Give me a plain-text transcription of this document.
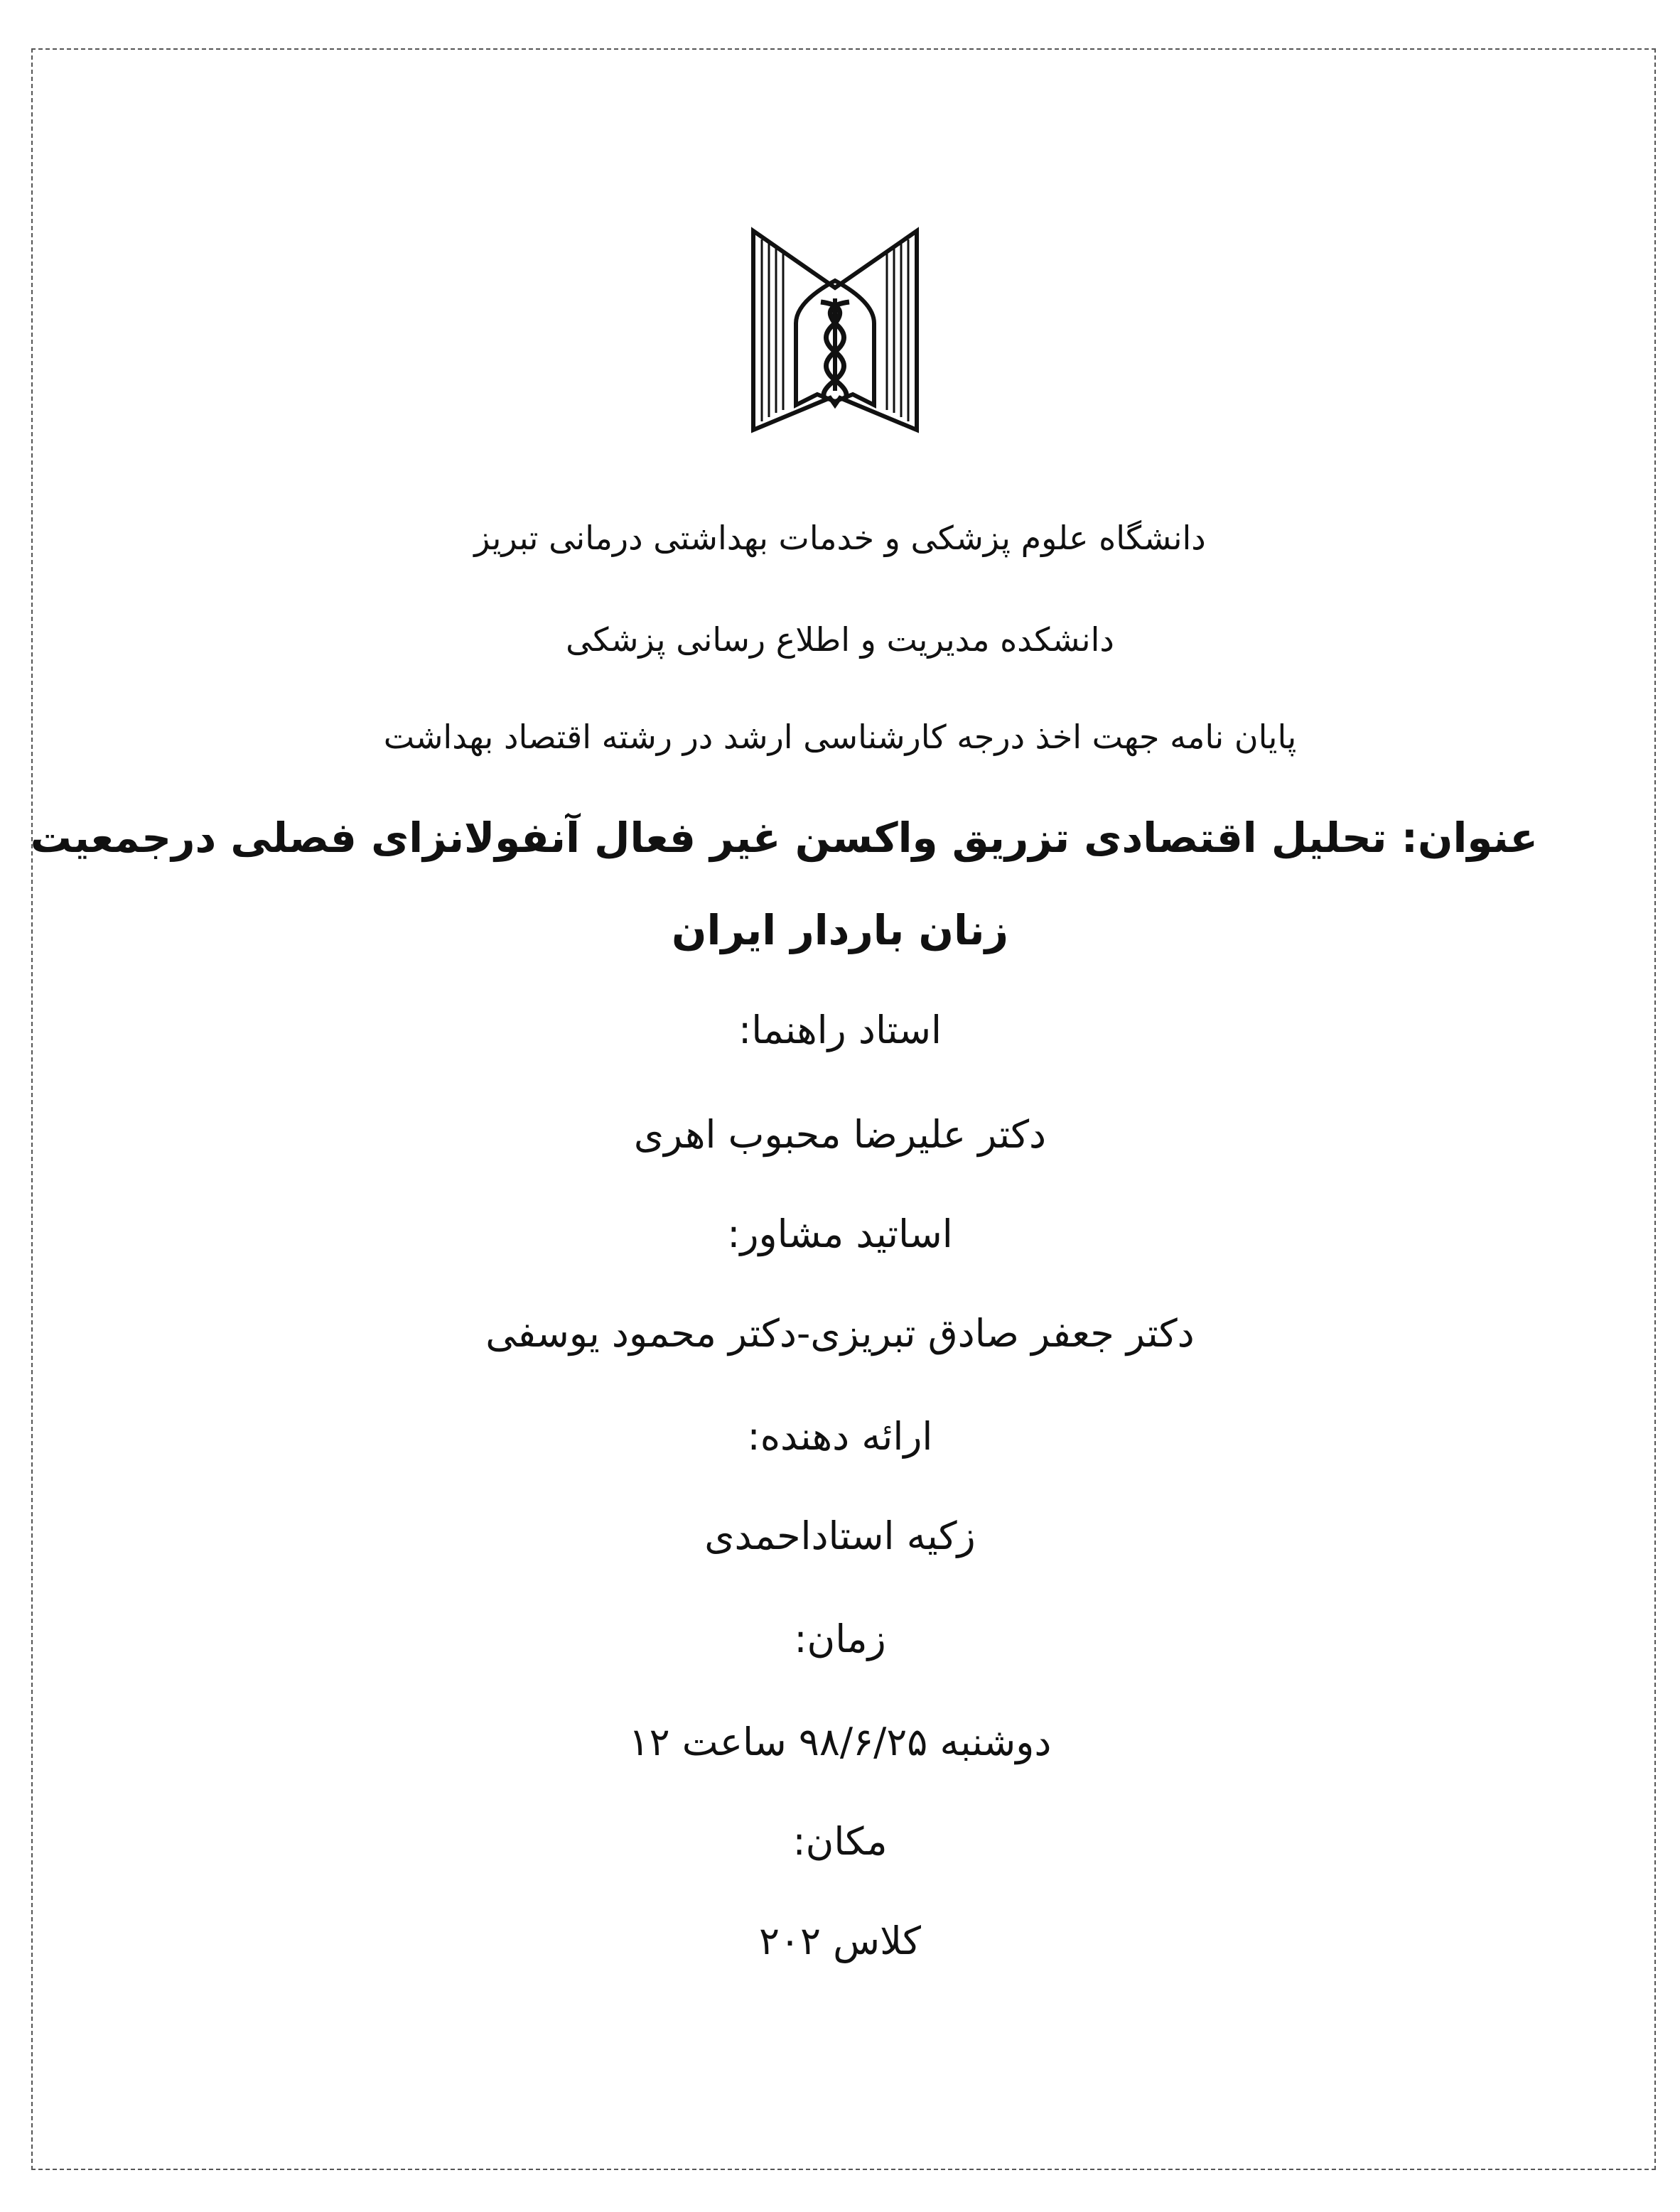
دانشگاه علوم پزشکی و خدمات بهداشتی درمانی تبریز
دانشکده مدیریت و اطلاع رسانی پزشکی
پایان نامه جهت اخذ درجه کارشناسی ارشد در رشته اقتصاد بهداشت
عنوان: تحلیل اقتصادی تزریق واکسن غیر فعال آنفولانزای فصلی درجمعیت
زنان باردار ایران
استاد راهنما:
دکتر علیرضا محبوب اهری
اساتید مشاور:
دکتر جعفر صادق تبریزی-دکتر محمود یوسفی
ارائه دهنده:
زکیه استاداحمدی
زمان:
دوشنبه ۹۸/۶/۲۵ ساعت ۱۲
مکان:
کلاس ۲۰۲
